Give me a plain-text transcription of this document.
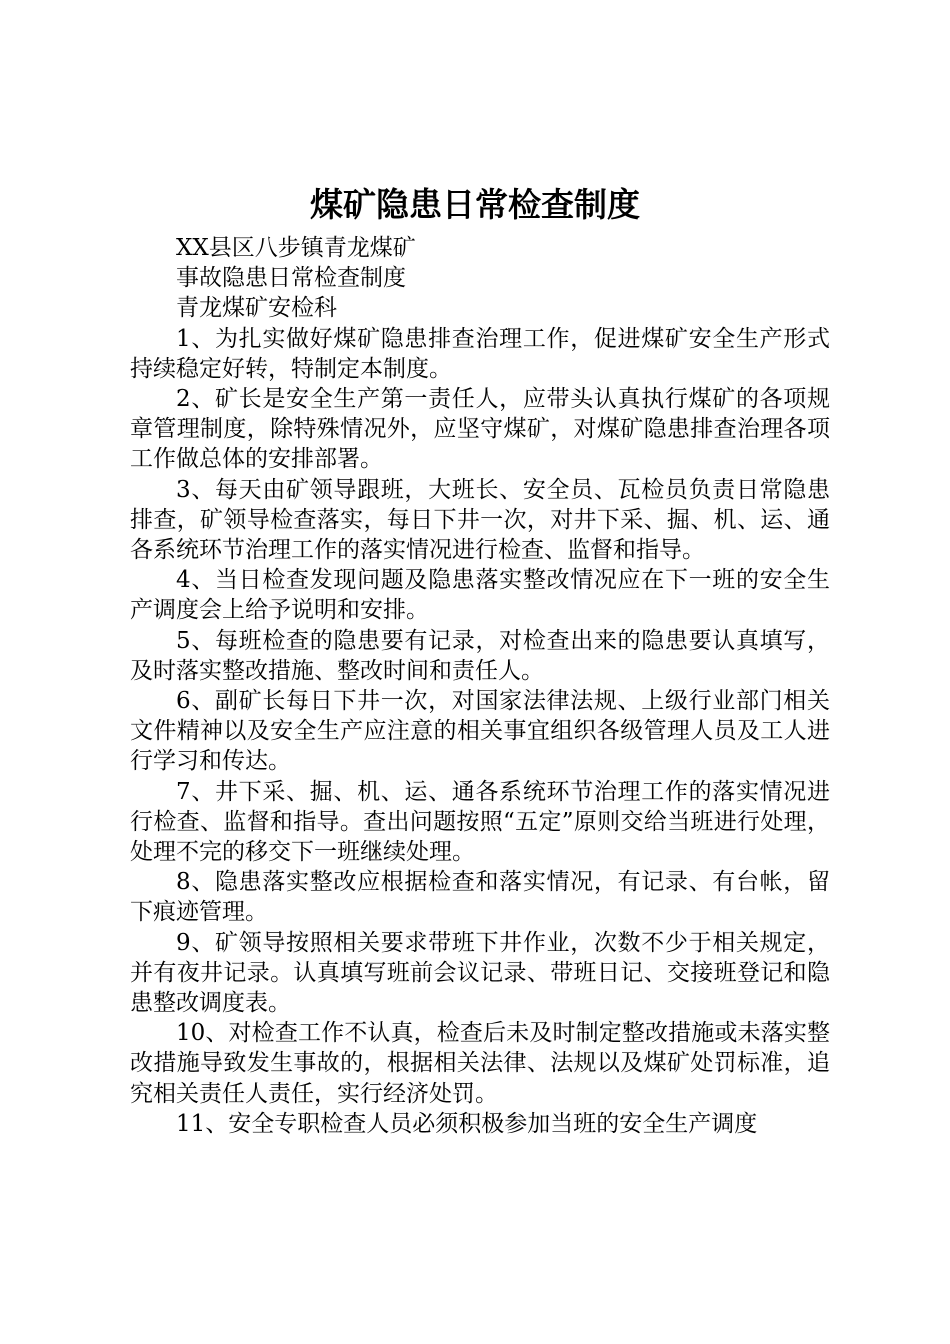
煤矿隐患日常检查制度

XX县区八步镇青龙煤矿

事故隐患日常检查制度

青龙煤矿安检科

1、为扎实做好煤矿隐患排查治理工作，促进煤矿安全生产形式持续稳定好转，特制定本制度。

2、矿长是安全生产第一责任人，应带头认真执行煤矿的各项规章管理制度，除特殊情况外，应坚守煤矿，对煤矿隐患排查治理各项工作做总体的安排部署。

3、每天由矿领导跟班，大班长、安全员、瓦检员负责日常隐患排查，矿领导检查落实，每日下井一次，对井下采、掘、机、运、通各系统环节治理工作的落实情况进行检查、监督和指导。

4、当日检查发现问题及隐患落实整改情况应在下一班的安全生产调度会上给予说明和安排。

5、每班检查的隐患要有记录，对检查出来的隐患要认真填写，及时落实整改措施、整改时间和责任人。

6、副矿长每日下井一次，对国家法律法规、上级行业部门相关文件精神以及安全生产应注意的相关事宜组织各级管理人员及工人进行学习和传达。

7、井下采、掘、机、运、通各系统环节治理工作的落实情况进行检查、监督和指导。查出问题按照“五定”原则交给当班进行处理，处理不完的移交下一班继续处理。

8、隐患落实整改应根据检查和落实情况，有记录、有台帐，留下痕迹管理。

9、矿领导按照相关要求带班下井作业，次数不少于相关规定，并有夜井记录。认真填写班前会议记录、带班日记、交接班登记和隐患整改调度表。

10、对检查工作不认真，检查后未及时制定整改措施或未落实整改措施导致发生事故的，根据相关法律、法规以及煤矿处罚标准，追究相关责任人责任，实行经济处罚。

11、安全专职检查人员必须积极参加当班的安全生产调度
